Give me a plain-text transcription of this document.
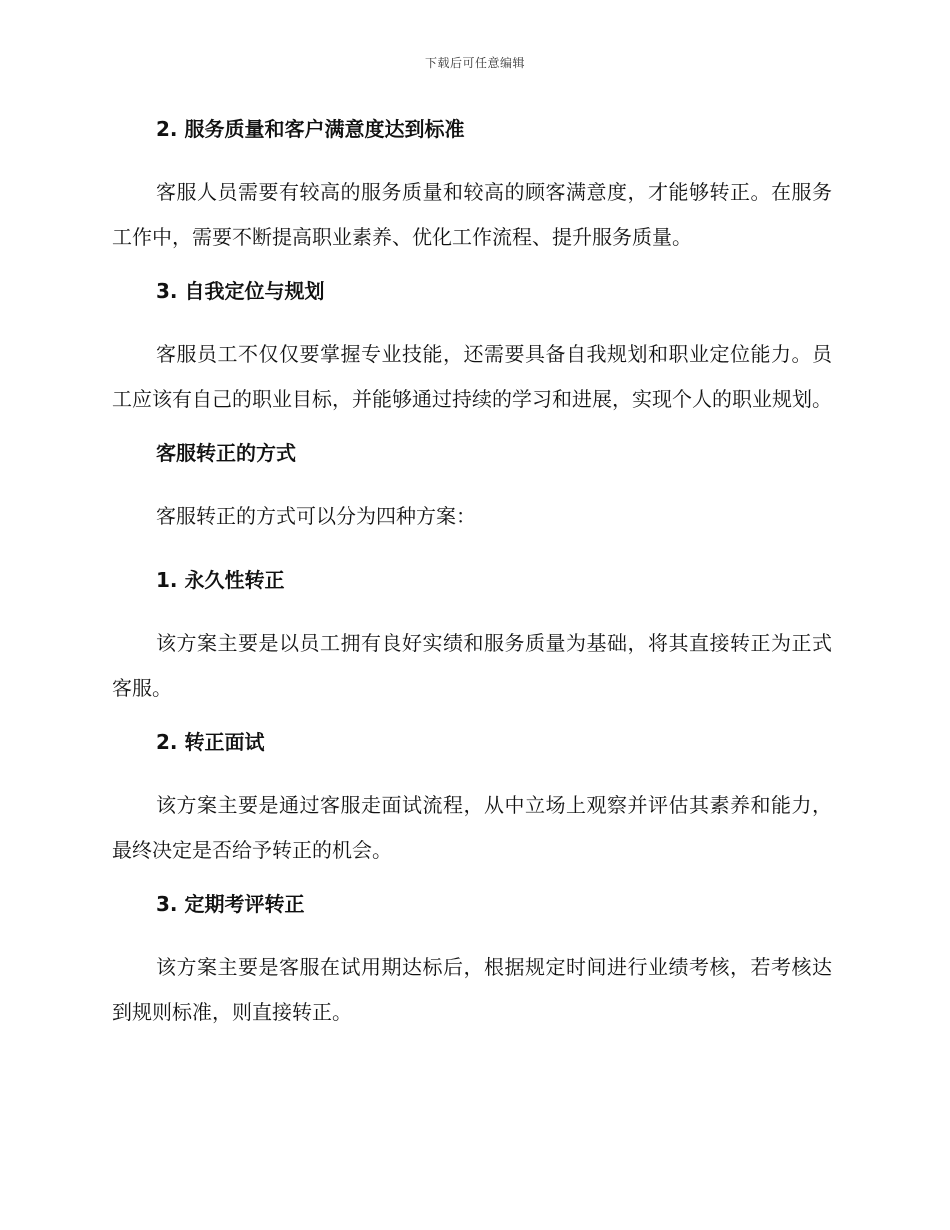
下载后可任意编辑
2. 服务质量和客户满意度达到标准

客服人员需要有较高的服务质量和较高的顾客满意度，才能够转正。在服务工作中，需要不断提高职业素养、优化工作流程、提升服务质量。

3. 自我定位与规划

客服员工不仅仅要掌握专业技能，还需要具备自我规划和职业定位能力。员工应该有自己的职业目标，并能够通过持续的学习和进展，实现个人的职业规划。

客服转正的方式

客服转正的方式可以分为四种方案：

1. 永久性转正

该方案主要是以员工拥有良好实绩和服务质量为基础，将其直接转正为正式客服。

2. 转正面试

该方案主要是通过客服走面试流程，从中立场上观察并评估其素养和能力，最终决定是否给予转正的机会。

3. 定期考评转正

该方案主要是客服在试用期达标后，根据规定时间进行业绩考核，若考核达到规则标准，则直接转正。
